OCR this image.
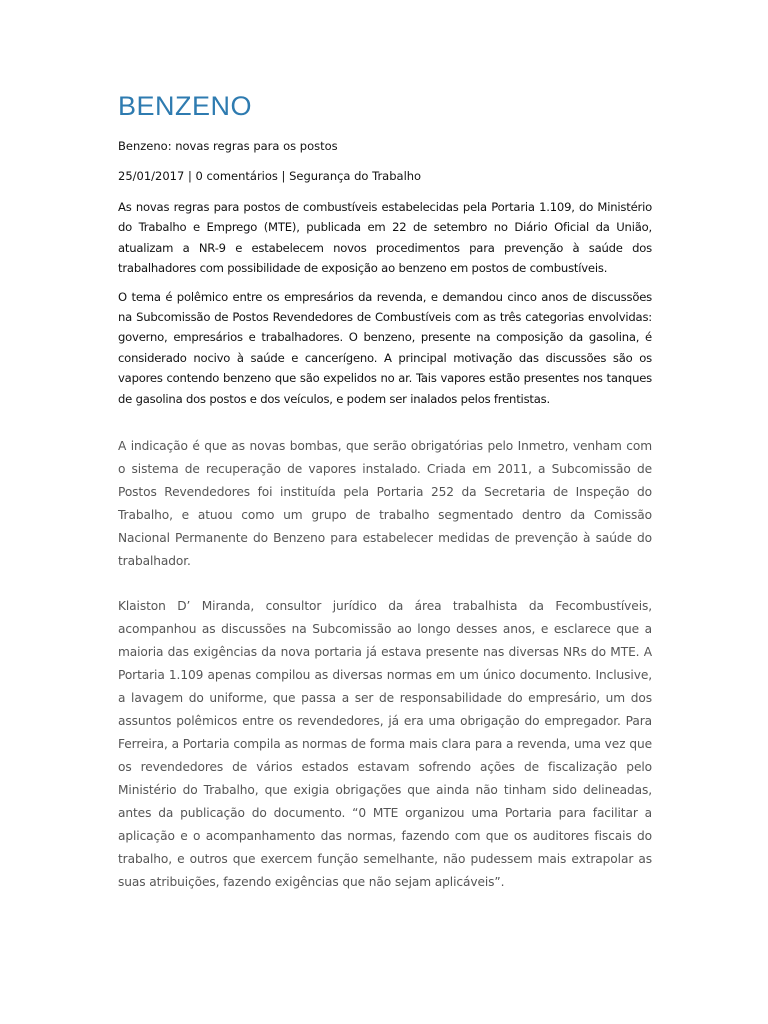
BENZENO

Benzeno: novas regras para os postos

25/01/2017 | 0 comentários | Segurança do Trabalho

As novas regras para postos de combustíveis estabelecidas pela Portaria 1.109, do Ministério do Trabalho e Emprego (MTE), publicada em 22 de setembro no Diário Oficial da União, atualizam a NR-9 e estabelecem novos procedimentos para prevenção à saúde dos trabalhadores com possibilidade de exposição ao benzeno em postos de combustíveis.

O tema é polêmico entre os empresários da revenda, e demandou cinco anos de discussões na Subcomissão de Postos Revendedores de Combustíveis com as três categorias envolvidas: governo, empresários e trabalhadores. O benzeno, presente na composição da gasolina, é considerado nocivo à saúde e cancerígeno. A principal motivação das discussões são os vapores contendo benzeno que são expelidos no ar. Tais vapores estão presentes nos tanques de gasolina dos postos e dos veículos, e podem ser inalados pelos frentistas.

A indicação é que as novas bombas, que serão obrigatórias pelo Inmetro, venham com o sistema de recuperação de vapores instalado. Criada em 2011, a Subcomissão de Postos Revendedores foi instituída pela Portaria 252 da Secretaria de Inspeção do Trabalho, e atuou como um grupo de trabalho segmentado dentro da Comissão Nacional Permanente do Benzeno para estabelecer medidas de prevenção à saúde do trabalhador.

Klaiston D’ Miranda, consultor jurídico da área trabalhista da Fecombustíveis, acompanhou as discussões na Subcomissão ao longo desses anos, e esclarece que a maioria das exigências da nova portaria já estava presente nas diversas NRs do MTE. A Portaria 1.109 apenas compilou as diversas normas em um único documento. Inclusive, a lavagem do uniforme, que passa a ser de responsabilidade do empresário, um dos assuntos polêmicos entre os revendedores, já era uma obrigação do empregador. Para Ferreira, a Portaria compila as normas de forma mais clara para a revenda, uma vez que os revendedores de vários estados estavam sofrendo ações de fiscalização pelo Ministério do Trabalho, que exigia obrigações que ainda não tinham sido delineadas, antes da publicação do documento. “0 MTE organizou uma Portaria para facilitar a aplicação e o acompanhamento das normas, fazendo com que os auditores fiscais do trabalho, e outros que exercem função semelhante, não pudessem mais extrapolar as suas atribuições, fazendo exigências que não sejam aplicáveis”.
